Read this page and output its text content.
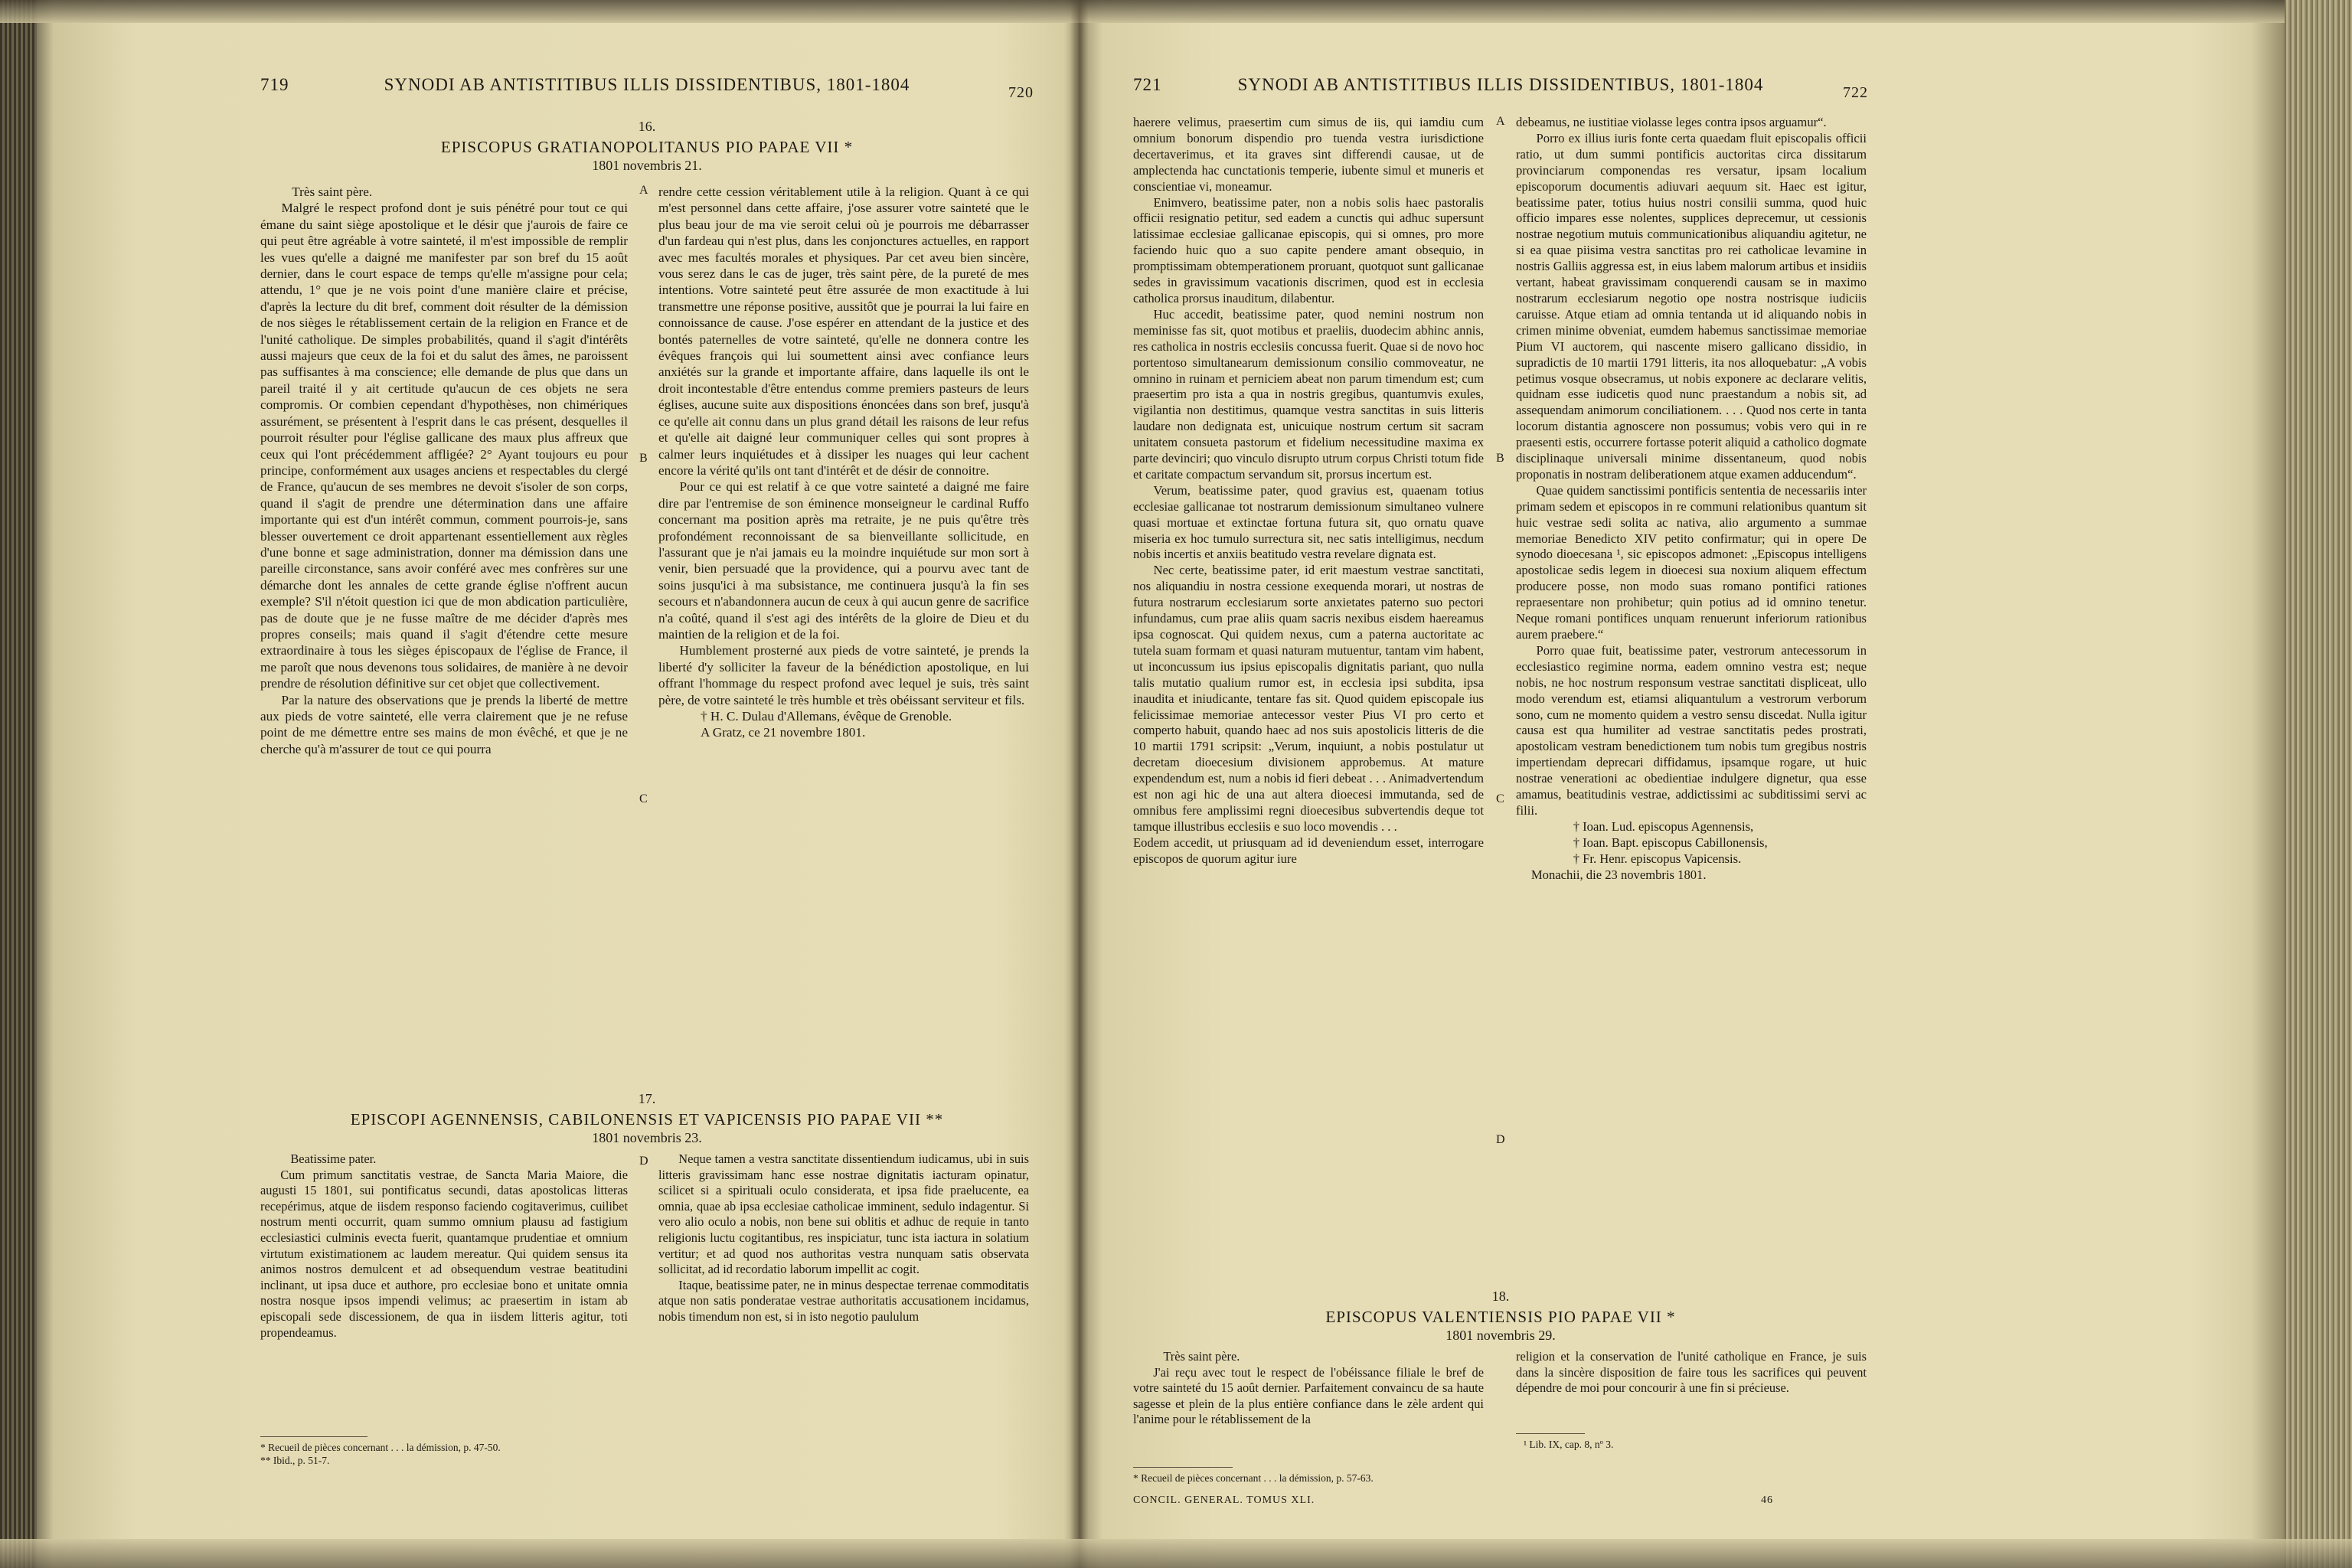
719	SYNODI AB ANTISTITIBUS ILLIS DISSIDENTIBUS, 1801-1804	720
16.
EPISCOPUS GRATIANOPOLITANUS PIO PAPAE VII *
1801 novembris 21.

Très saint père.

Malgré le respect profond dont je suis pénétré pour tout ce qui émane du saint siège apostolique et le désir que j'aurois de faire ce qui peut être agréable à votre sainteté, il m'est impossible de remplir les vues qu'elle a daigné me manifester par son bref du 15 août dernier, dans le court espace de temps qu'elle m'assigne pour cela; attendu, 1° que je ne vois point d'une manière claire et précise, d'après la lecture du dit bref, comment doit résulter de la démission de nos sièges le rétablissement certain de la religion en France et de l'unité catholique. De simples probabilités, quand il s'agit d'intérêts aussi majeurs que ceux de la foi et du salut des âmes, ne paroissent pas suffisantes à ma conscience; elle demande de plus que dans un pareil traité il y ait certitude qu'aucun de ces objets ne sera compromis. Or combien cependant d'hypothèses, non chimériques assurément, se présentent à l'esprit dans le cas présent, desquelles il pourroit résulter pour l'église gallicane des maux plus affreux que ceux qui l'ont précédemment affligée? 2° Ayant toujours eu pour principe, conformément aux usages anciens et respectables du clergé de France, qu'aucun de ses membres ne devoit s'isoler de son corps, quand il s'agit de prendre une détermination dans une affaire importante qui est d'un intérêt commun, comment pourrois-je, sans blesser ouvertement ce droit appartenant essentiellement aux règles d'une bonne et sage administration, donner ma démission dans une pareille circonstance, sans avoir conféré avec mes confrères sur une démarche dont les annales de cette grande église n'offrent aucun exemple? S'il n'étoit question ici que de mon abdication particulière, pas de doute que je ne fusse maître de me décider d'après mes propres conseils; mais quand il s'agit d'étendre cette mesure extraordinaire à tous les sièges épiscopaux de l'église de France, il me paroît que nous devenons tous solidaires, de manière à ne devoir prendre de résolution définitive sur cet objet que collectivement.

Par la nature des observations que je prends la liberté de mettre aux pieds de votre sainteté, elle verra clairement que je ne refuse point de me démettre entre ses mains de mon évêché, et que je ne cherche qu'à m'assurer de tout ce qui pourra

rendre cette cession véritablement utile à la religion. Quant à ce qui m'est personnel dans cette affaire, j'ose assurer votre sainteté que le plus beau jour de ma vie seroit celui où je pourrois me débarrasser d'un fardeau qui n'est plus, dans les conjonctures actuelles, en rapport avec mes facultés morales et physiques. Par cet aveu bien sincère, vous serez dans le cas de juger, très saint père, de la pureté de mes intentions. Votre sainteté peut être assurée de mon exactitude à lui transmettre une réponse positive, aussitôt que je pourrai la lui faire en connoissance de cause. J'ose espérer en attendant de la justice et des bontés paternelles de votre sainteté, qu'elle ne donnera contre les évêques françois qui lui soumettent ainsi avec confiance leurs anxiétés sur la grande et importante affaire, dans laquelle ils ont le droit incontestable d'être entendus comme premiers pasteurs de leurs églises, aucune suite aux dispositions énoncées dans son bref, jusqu'à ce qu'elle ait connu dans un plus grand détail les raisons de leur refus et qu'elle ait daigné leur communiquer celles qui sont propres à calmer leurs inquiétudes et à dissiper les nuages qui leur cachent encore la vérité qu'ils ont tant d'intérêt et de désir de connoitre.

Pour ce qui est relatif à ce que votre sainteté a daigné me faire dire par l'entremise de son éminence monseigneur le cardinal Ruffo concernant ma position après ma retraite, je ne puis qu'être très profondément reconnoissant de sa bienveillante sollicitude, en l'assurant que je n'ai jamais eu la moindre inquiétude sur mon sort à venir, bien persuadé que la providence, qui a pourvu avec tant de soins jusqu'ici à ma subsistance, me continuera jusqu'à la fin ses secours et n'abandonnera aucun de ceux à qui aucun genre de sacrifice n'a coûté, quand il s'est agi des intérêts de la gloire de Dieu et du maintien de la religion et de la foi.

Humblement prosterné aux pieds de votre sainteté, je prends la liberté d'y solliciter la faveur de la bénédiction apostolique, en lui offrant l'hommage du respect profond avec lequel je suis, très saint père, de votre sainteté le très humble et très obéissant serviteur et fils.

† H. C. Dulau d'Allemans, évêque de Grenoble.

A Gratz, ce 21 novembre 1801.

A
B
C
D
17.
EPISCOPI AGENNENSIS, CABILONENSIS ET VAPICENSIS PIO PAPAE VII **
1801 novembris 23.

Beatissime pater.

Cum primum sanctitatis vestrae, de Sancta Maria Maiore, die augusti 15 1801, sui pontificatus secundi, datas apostolicas litteras recepérimus, atque de iisdem responso faciendo cogitaverimus, cuilibet nostrum menti occurrit, quam summo omnium plausu ad fastigium ecclesiastici culminis evecta fuerit, quantamque prudentiae et omnium virtutum existimationem ac laudem mereatur. Qui quidem sensus ita animos nostros demulcent et ad obsequendum vestrae beatitudini inclinant, ut ipsa duce et authore, pro ecclesiae bono et unitate omnia nostra nosque ipsos impendi velimus; ac praesertim in istam ab episcopali sede discessionem, de qua in iisdem litteris agitur, toti propendeamus.

Neque tamen a vestra sanctitate dissentiendum iudicamus, ubi in suis litteris gravissimam hanc esse nostrae dignitatis iacturam opinatur, scilicet si a spirituali oculo considerata, et ipsa fide praelucente, ea omnia, quae ab ipsa ecclesiae catholicae imminent, sedulo indagentur. Si vero alio oculo a nobis, non bene sui oblitis et adhuc de requie in tanto religionis luctu cogitantibus, res inspiciatur, tunc ista iactura in solatium vertitur; et ad quod nos authoritas vestra nunquam satis observata sollicitat, ad id recordatio laborum impellit ac cogit.

Itaque, beatissime pater, ne in minus despectae terrenae commoditatis atque non satis ponderatae vestrae authoritatis accusationem incidamus, nobis timendum non est, si in isto negotio paululum

* Recueil de pièces concernant . . . la démission, p. 47-50.
** Ibid., p. 51-7.
721	SYNODI AB ANTISTITIBUS ILLIS DISSIDENTIBUS, 1801-1804	722

haerere velimus, praesertim cum simus de iis, qui iamdiu cum omnium bonorum dispendio pro tuenda vestra iurisdictione decertaverimus, et ita graves sint differendi causae, ut de amplectenda hac cunctationis temperie, iubente simul et muneris et conscientiae vi, moneamur.

Enimvero, beatissime pater, non a nobis solis haec pastoralis officii resignatio petitur, sed eadem a cunctis qui adhuc supersunt latissimae ecclesiae gallicanae episcopis, qui si omnes, pro more faciendo huic quo a suo capite pendere amant obsequio, in promptissimam obtemperationem proruant, quotquot sunt gallicanae sedes in gravissimum vacationis discrimen, quod est in ecclesia catholica prorsus inauditum, dilabentur.

Huc accedit, beatissime pater, quod nemini nostrum non meminisse fas sit, quot motibus et praeliis, duodecim abhinc annis, res catholica in nostris ecclesiis concussa fuerit. Quae si de novo hoc portentoso simultanearum demissionum consilio commoveatur, ne omnino in ruinam et perniciem abeat non parum timendum est; cum praesertim pro ista a qua in nostris gregibus, quantumvis exules, vigilantia non destitimus, quamque vestra sanctitas in suis litteris laudare non dedignata est, unicuique nostrum certum sit sacram unitatem consueta pastorum et fidelium necessitudine maxima ex parte devinciri; quo vinculo disrupto utrum corpus Christi totum fide et caritate compactum servandum sit, prorsus incertum est.

Verum, beatissime pater, quod gravius est, quaenam totius ecclesiae gallicanae tot nostrarum demissionum simultaneo vulnere quasi mortuae et extinctae fortuna futura sit, quo ornatu quave miseria ex hoc tumulo surrectura sit, nec satis intelligimus, necdum nobis incertis et anxiis beatitudo vestra revelare dignata est.

Nec certe, beatissime pater, id erit maestum vestrae sanctitati, nos aliquandiu in nostra cessione exequenda morari, ut nostras de futura nostrarum ecclesiarum sorte anxietates paterno suo pectori infundamus, cum prae aliis quam sacris nexibus eisdem haereamus ipsa cognoscat. Qui quidem nexus, cum a paterna auctoritate ac tutela suam formam et quasi naturam mutuentur, tantam vim habent, ut inconcussum ius ipsius episcopalis dignitatis pariant, quo nulla talis mutatio qualium rumor est, in ecclesia ipsi subdita, ipsa inaudita et iniudicante, tentare fas sit. Quod quidem episcopale ius felicissimae memoriae antecessor vester Pius VI pro certo et comperto habuit, quando haec ad nos suis apostolicis litteris de die 10 martii 1791 scripsit: „Verum, inquiunt, a nobis postulatur ut decretam dioecesium divisionem approbemus. At mature expendendum est, num a nobis id fieri debeat . . . Animadvertendum est non agi hic de una aut altera dioecesi immutanda, sed de omnibus fere amplissimi regni dioecesibus subvertendis deque tot tamque illustribus ecclesiis e suo loco movendis . . .

Eodem accedit, ut priusquam ad id deveniendum esset, interrogare episcopos de quorum agitur iure

debeamus, ne iustitiae violasse leges contra ipsos arguamur“.

Porro ex illius iuris fonte certa quaedam fluit episcopalis officii ratio, ut dum summi pontificis auctoritas circa dissitarum provinciarum componendas res versatur, ipsam localium episcoporum documentis adiuvari aequum sit. Haec est igitur, beatissime pater, totius huius nostri consilii summa, quod huic officio impares esse nolentes, supplices deprecemur, ut cessionis nostrae negotium mutuis communicationibus aliquandiu agitetur, ne si ea quae piisima vestra sanctitas pro rei catholicae levamine in nostris Galliis aggressa est, in eius labem malorum artibus et insidiis vertant, habeat gravissimam conquerendi causam se in maximo nostrarum ecclesiarum negotio ope nostra nostrisque iudiciis caruisse. Atque etiam ad omnia tentanda ut id aliquando nobis in crimen minime obveniat, eumdem habemus sanctissimae memoriae Pium VI auctorem, qui nascente misero gallicano dissidio, in supradictis de 10 martii 1791 litteris, ita nos alloquebatur: „A vobis petimus vosque obsecramus, ut nobis exponere ac declarare velitis, quidnam esse iudicetis quod nunc praestandum a nobis sit, ad assequendam animorum conciliationem. . . . Quod nos certe in tanta locorum distantia agnoscere non possumus; vobis vero qui in re praesenti estis, occurrere fortasse poterit aliquid a catholico dogmate disciplinaque universali minime dissentaneum, quod nobis proponatis in nostram deliberationem atque examen adducendum“.

Quae quidem sanctissimi pontificis sententia de necessariis inter primam sedem et episcopos in re communi relationibus quantum sit huic vestrae sedi solita ac nativa, alio argumento a summae memoriae Benedicto XIV petito confirmatur; qui in opere De synodo dioecesana ¹, sic episcopos admonet: „Episcopus intelligens apostolicae sedis legem in dioecesi sua noxium aliquem effectum producere posse, non modo suas romano pontifici rationes repraesentare non prohibetur; quin potius ad id omnino tenetur. Neque romani pontifices unquam renuerunt inferiorum rationibus aurem praebere.“

Porro quae fuit, beatissime pater, vestrorum antecessorum in ecclesiastico regimine norma, eadem omnino vestra est; neque nobis, ne hoc nostrum responsum vestrae sanctitati displiceat, ullo modo verendum est, etiamsi aliquantulum a vestrorum verborum sono, cum ne momento quidem a vestro sensu discedat. Nulla igitur causa est qua humiliter ad vestrae sanctitatis pedes prostrati, apostolicam vestram benedictionem tum nobis tum gregibus nostris impertiendam deprecari diffidamus, ipsamque rogare, ut huic nostrae venerationi ac obedientiae indulgere dignetur, qua esse amamus, beatitudinis vestrae, addictissimi ac subditissimi servi ac filii.

† Ioan. Lud. episcopus Agennensis,

† Ioan. Bapt. episcopus Cabillonensis,

† Fr. Henr. episcopus Vapicensis.

Monachii, die 23 novembris 1801.

A
B
C
D
18.
EPISCOPUS VALENTIENSIS PIO PAPAE VII *
1801 novembris 29.

Très saint père.

J'ai reçu avec tout le respect de l'obéissance filiale le bref de votre sainteté du 15 août dernier. Parfaitement convaincu de sa haute sagesse et plein de la plus entière confiance dans le zèle ardent qui l'anime pour le rétablissement de la

religion et la conservation de l'unité catholique en France, je suis dans la sincère disposition de faire tous les sacrifices qui peuvent dépendre de moi pour concourir à une fin si précieuse.

* Recueil de pièces concernant . . . la démission, p. 57-63.
¹ Lib. IX, cap. 8, nº 3.
CONCIL. GENERAL. TOMUS XLI.	46
